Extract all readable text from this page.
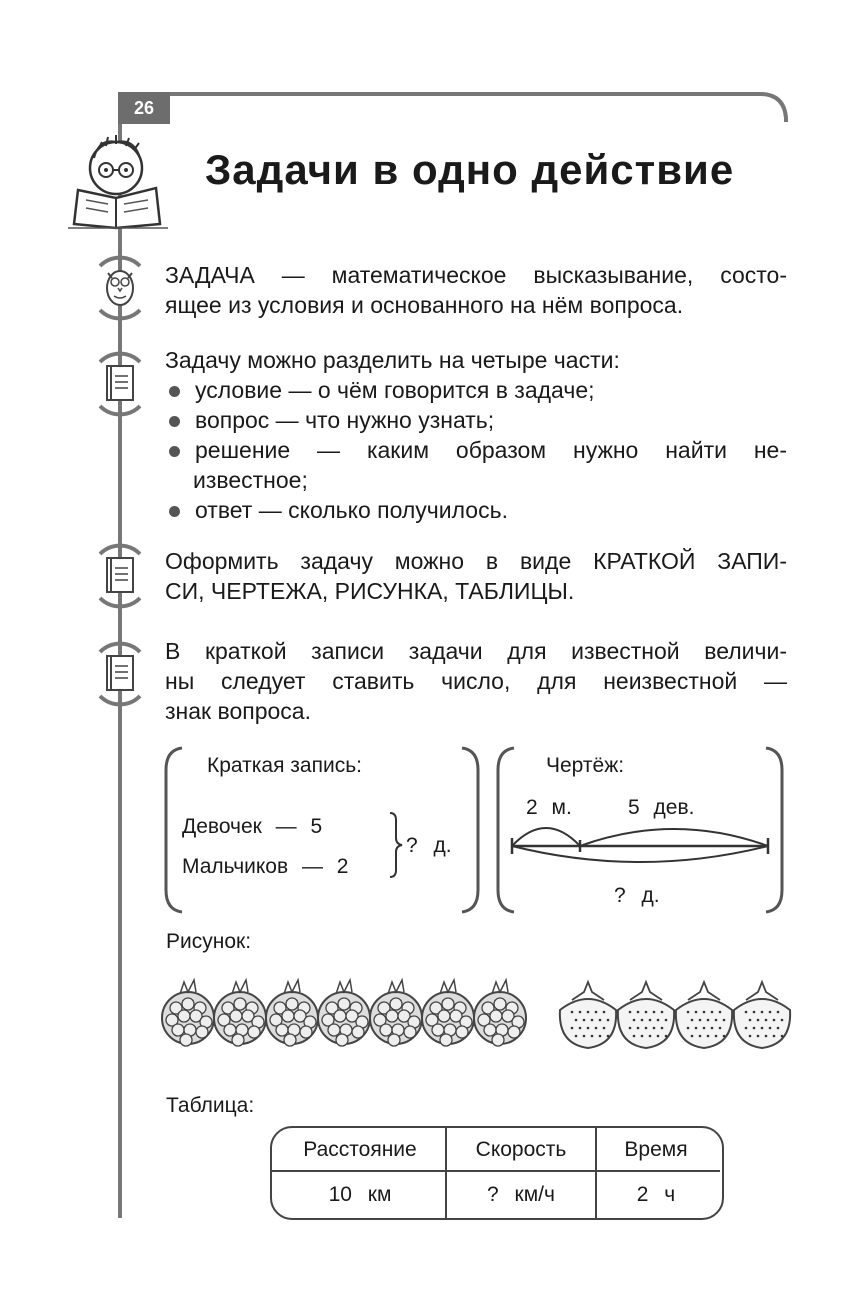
26
Задачи в одно действие
ЗАДАЧА — математическое высказывание, состо-
ящее из условия и основанного на нём вопроса.
Задачу можно разделить на четыре части:
условие — о чём говорится в задаче;
вопрос — что нужно узнать;
решение — каким образом нужно найти не-
известное;
ответ — сколько получилось.
Оформить задачу можно в виде КРАТКОЙ ЗАПИ-
СИ, ЧЕРТЕЖА, РИСУНКА, ТАБЛИЦЫ.
В краткой записи задачи для известной величи-
ны следует ставить число, для неизвестной —
знак вопроса.
Краткая запись:
Девочек — 5
Мальчиков — 2
? д.
Чертёж:
2 м.	5 дев.
? д.
Рисунок:
Таблица:
Расстояние	Скорость	Время
10 км	? км/ч	2 ч
